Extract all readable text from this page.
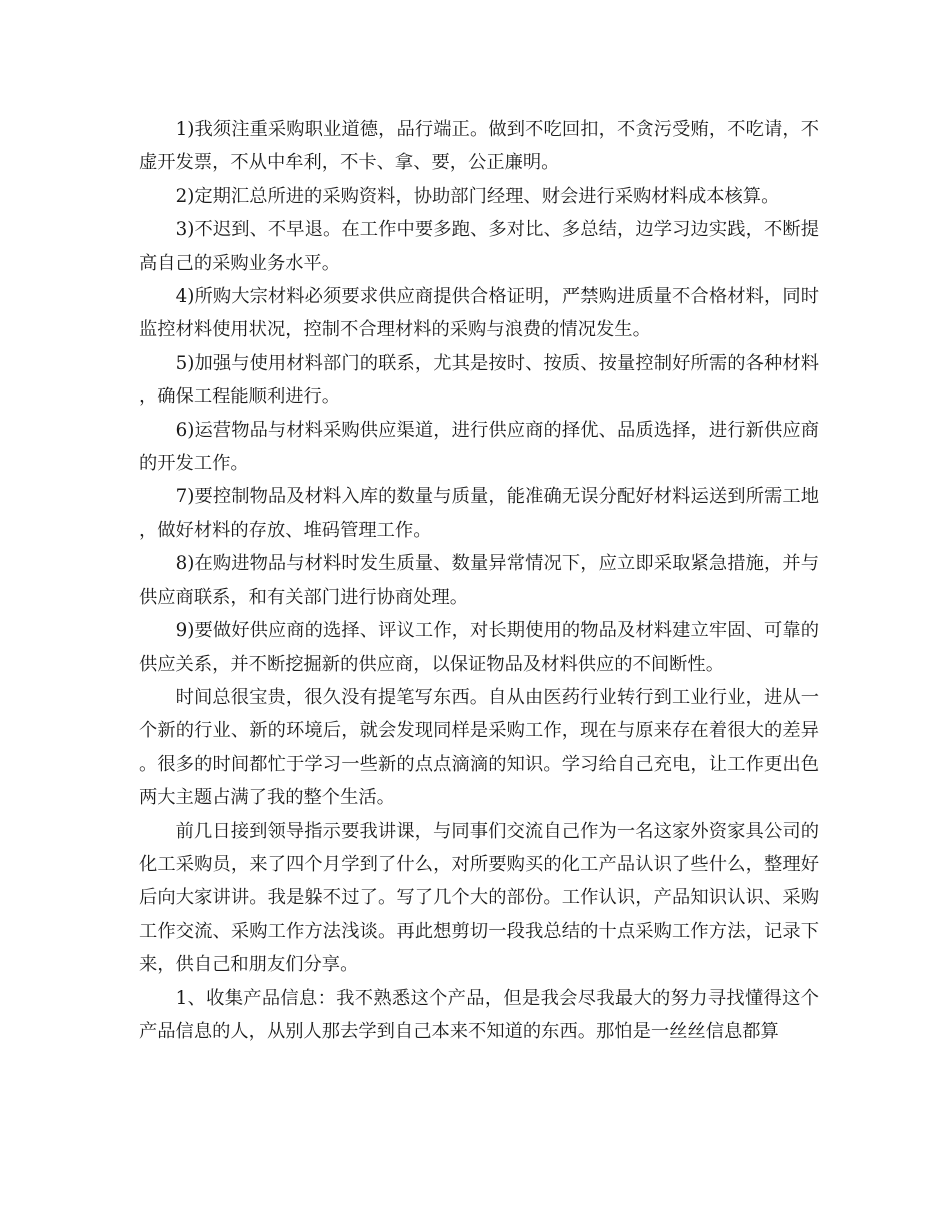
1)我须注重采购职业道德，品行端正。做到不吃回扣，不贪污受贿，不吃请，不虚开发票，不从中牟利，不卡、拿、要，公正廉明。

2)定期汇总所进的采购资料，协助部门经理、财会进行采购材料成本核算。

3)不迟到、不早退。在工作中要多跑、多对比、多总结，边学习边实践，不断提高自己的采购业务水平。

4)所购大宗材料必须要求供应商提供合格证明，严禁购进质量不合格材料，同时监控材料使用状况，控制不合理材料的采购与浪费的情况发生。

5)加强与使用材料部门的联系，尤其是按时、按质、按量控制好所需的各种材料，确保工程能顺利进行。

6)运营物品与材料采购供应渠道，进行供应商的择优、品质选择，进行新供应商的开发工作。

7)要控制物品及材料入库的数量与质量，能准确无误分配好材料运送到所需工地，做好材料的存放、堆码管理工作。

8)在购进物品与材料时发生质量、数量异常情况下，应立即采取紧急措施，并与供应商联系，和有关部门进行协商处理。

9)要做好供应商的选择、评议工作，对长期使用的物品及材料建立牢固、可靠的供应关系，并不断挖掘新的供应商，以保证物品及材料供应的不间断性。

时间总很宝贵，很久没有提笔写东西。自从由医药行业转行到工业行业，进从一个新的行业、新的环境后，就会发现同样是采购工作，现在与原来存在着很大的差异。很多的时间都忙于学习一些新的点点滴滴的知识。学习给自己充电，让工作更出色两大主题占满了我的整个生活。

前几日接到领导指示要我讲课，与同事们交流自己作为一名这家外资家具公司的化工采购员，来了四个月学到了什么，对所要购买的化工产品认识了些什么，整理好后向大家讲讲。我是躲不过了。写了几个大的部份。工作认识，产品知识认识、采购工作交流、采购工作方法浅谈。再此想剪切一段我总结的十点采购工作方法，记录下来，供自己和朋友们分享。

1、收集产品信息：我不熟悉这个产品，但是我会尽我最大的努力寻找懂得这个产品信息的人，从别人那去学到自己本来不知道的东西。那怕是一丝丝信息都算
